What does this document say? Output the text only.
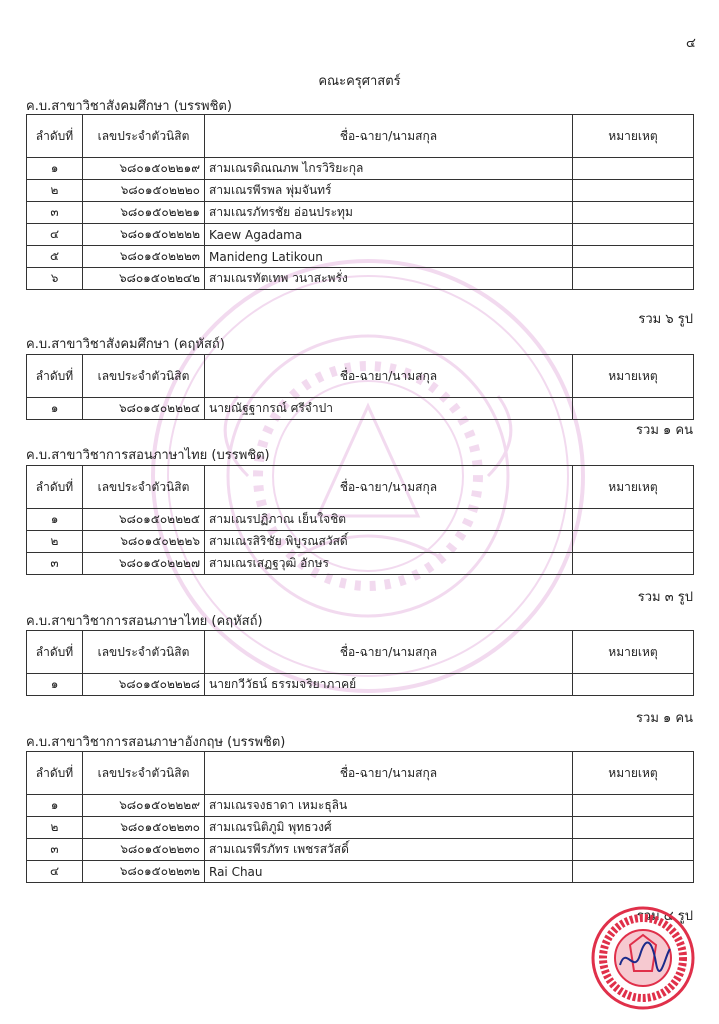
๔
คณะครุศาสตร์
ค.บ.สาขาวิชาสังคมศึกษา (บรรพชิต)
ลำดับที่	เลขประจำตัวนิสิต	ชื่อ-ฉายา/นามสกุล	หมายเหตุ
๑	๖๘๐๑๕๐๒๒๑๙	สามเณรดิณณภพ ไกรวิริยะกุล	
๒	๖๘๐๑๕๐๒๒๒๐	สามเณรพีรพล พุ่มจันทร์	
๓	๖๘๐๑๕๐๒๒๒๑	สามเณรภัทรชัย อ่อนประทุม	
๔	๖๘๐๑๕๐๒๒๒๒	Kaew Agadama	
๕	๖๘๐๑๕๐๒๒๒๓	Manideng Latikoun	
๖	๖๘๐๑๕๐๒๒๔๒	สามเณรทัตเทพ วนาสะพรั่ง	
รวม ๖ รูป
ค.บ.สาขาวิชาสังคมศึกษา (คฤหัสถ์)
ลำดับที่	เลขประจำตัวนิสิต	ชื่อ-ฉายา/นามสกุล	หมายเหตุ
๑	๖๘๐๑๕๐๒๒๒๔	นายณัฐฐากรณ์ ศรีจำปา	
รวม ๑ คน
ค.บ.สาขาวิชาการสอนภาษาไทย (บรรพชิต)
ลำดับที่	เลขประจำตัวนิสิต	ชื่อ-ฉายา/นามสกุล	หมายเหตุ
๑	๖๘๐๑๕๐๒๒๒๕	สามเณรปฏิภาณ เย็นใจชิต	
๒	๖๘๐๑๕๐๒๒๒๖	สามเณรสิริชัย พิบูรณสวัสดิ์	
๓	๖๘๐๑๕๐๒๒๒๗	สามเณรเสฏฐวุฒิ อักษร	
รวม ๓ รูป
ค.บ.สาขาวิชาการสอนภาษาไทย (คฤหัสถ์)
ลำดับที่	เลขประจำตัวนิสิต	ชื่อ-ฉายา/นามสกุล	หมายเหตุ
๑	๖๘๐๑๕๐๒๒๒๘	นายกวีวัธน์ ธรรมจริยาภาคย์	
รวม ๑ คน
ค.บ.สาขาวิชาการสอนภาษาอังกฤษ (บรรพชิต)
ลำดับที่	เลขประจำตัวนิสิต	ชื่อ-ฉายา/นามสกุล	หมายเหตุ
๑	๖๘๐๑๕๐๒๒๒๙	สามเณรจงธาดา เหมะธุลิน	
๒	๖๘๐๑๕๐๒๒๓๐	สามเณรนิติภูมิ พุทธวงศ์	
๓	๖๘๐๑๕๐๒๒๓๐	สามเณรพีรภัทร เพชรสวัสดิ์	
๔	๖๘๐๑๕๐๒๒๓๒	Rai Chau	
รวม ๔ รูป
